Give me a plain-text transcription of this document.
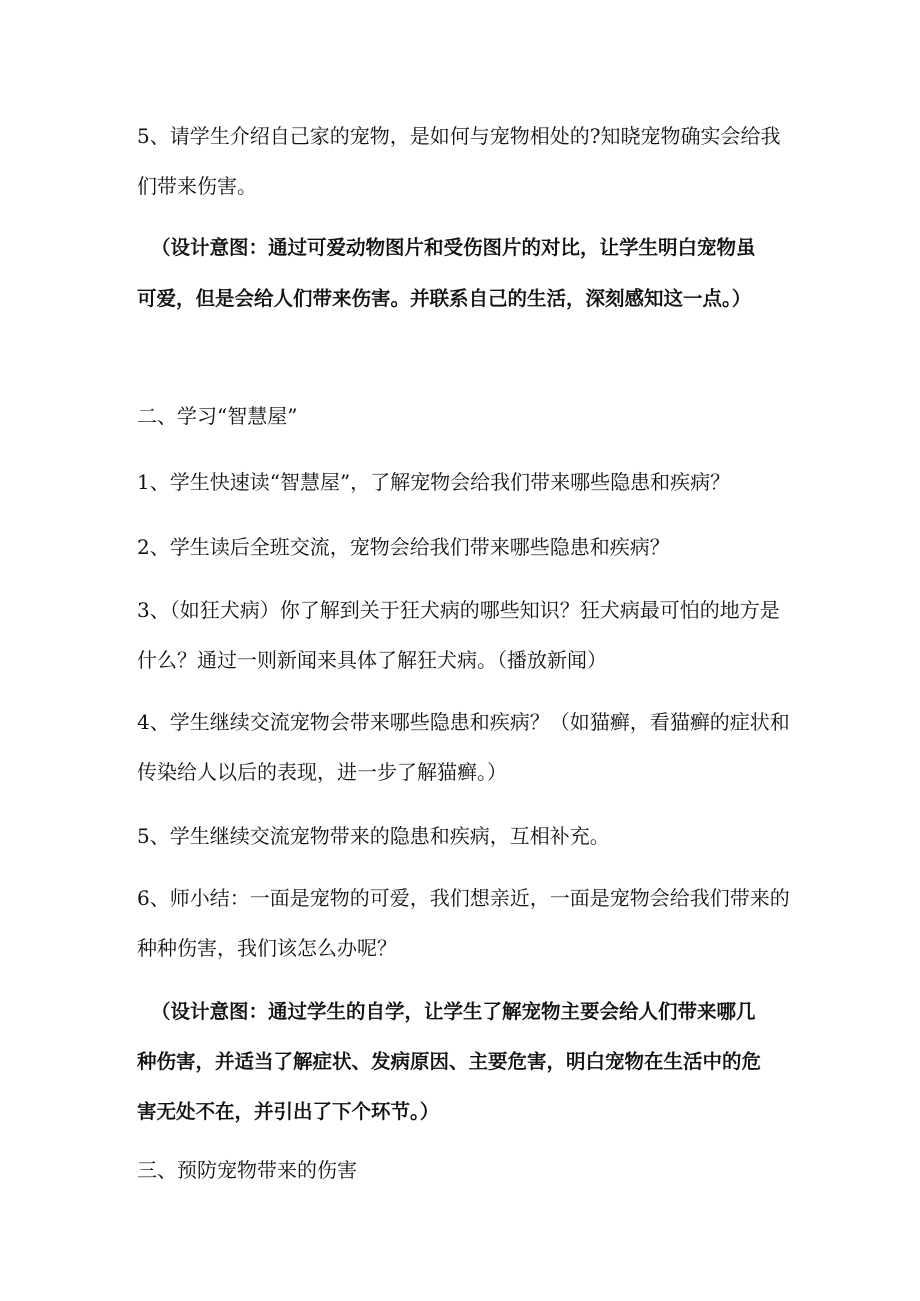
5、请学生介绍自己家的宠物，是如何与宠物相处的?知晓宠物确实会给我
们带来伤害。
（设计意图：通过可爱动物图片和受伤图片的对比，让学生明白宠物虽
可爱，但是会给人们带来伤害。并联系自己的生活，深刻感知这一点。）
二、学习“智慧屋”
1、学生快速读“智慧屋”，了解宠物会给我们带来哪些隐患和疾病？
2、学生读后全班交流，宠物会给我们带来哪些隐患和疾病？
3、（如狂犬病）你了解到关于狂犬病的哪些知识？狂犬病最可怕的地方是
什么？通过一则新闻来具体了解狂犬病。（播放新闻）
4、学生继续交流宠物会带来哪些隐患和疾病？（如猫癣，看猫癣的症状和
传染给人以后的表现，进一步了解猫癣。）
5、学生继续交流宠物带来的隐患和疾病，互相补充。
6、师小结：一面是宠物的可爱，我们想亲近，一面是宠物会给我们带来的
种种伤害，我们该怎么办呢？
（设计意图：通过学生的自学，让学生了解宠物主要会给人们带来哪几
种伤害，并适当了解症状、发病原因、主要危害，明白宠物在生活中的危
害无处不在，并引出了下个环节。）
三、预防宠物带来的伤害
